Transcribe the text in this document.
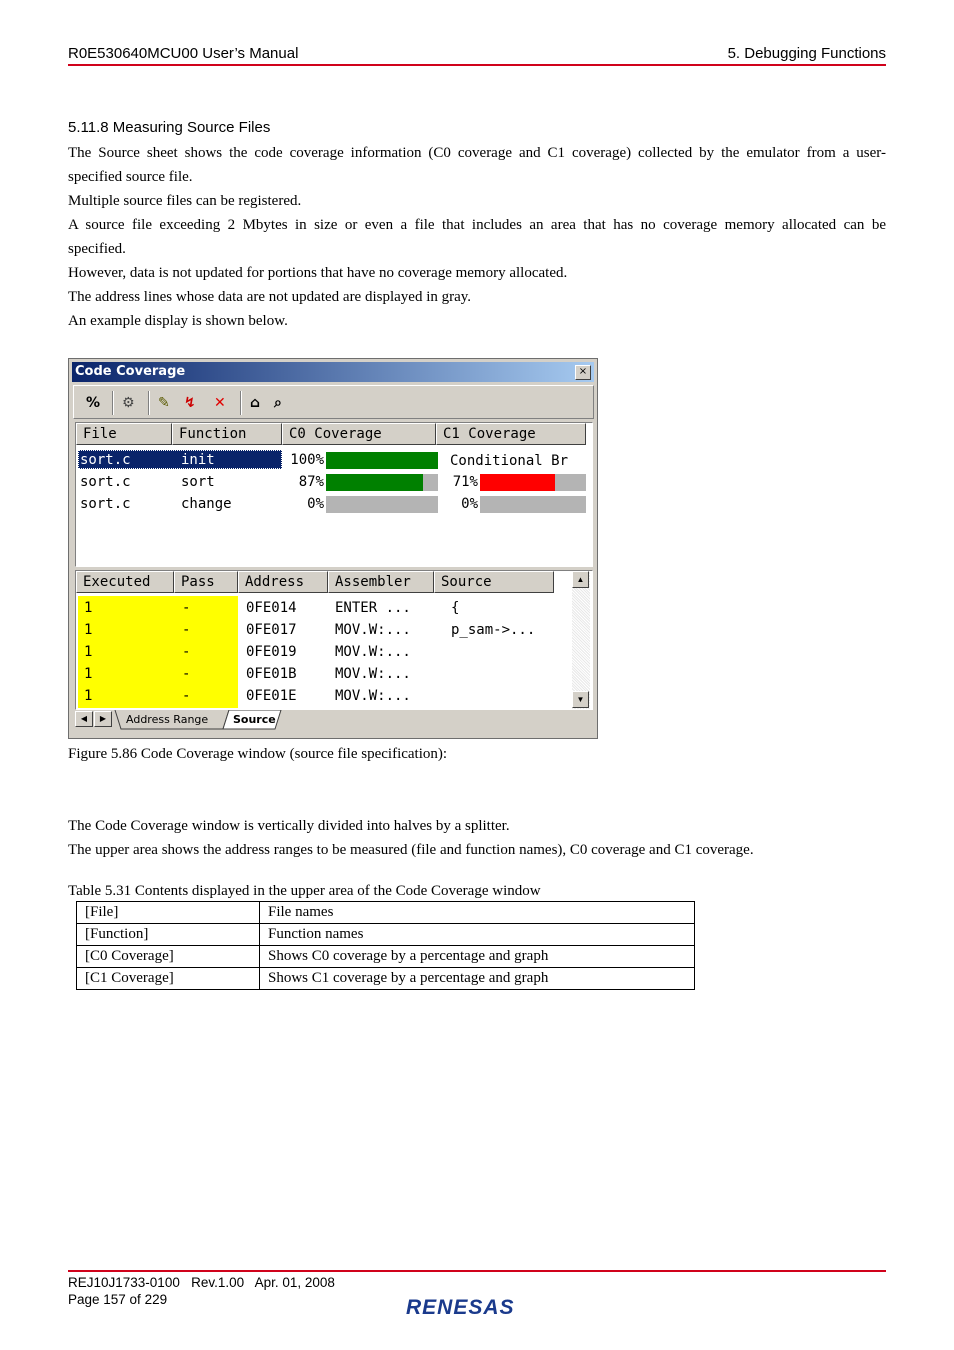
R0E530640MCU00 User’s Manual	5. Debugging Functions
5.11.8 Measuring Source Files
The Source sheet shows the code coverage information (C0 coverage and C1 coverage) collected by the emulator from a user-
specified source file.
Multiple source files can be registered.
A source file exceeding 2 Mbytes in size or even a file that includes an area that has no coverage memory allocated can be
specified.
However, data is not updated for portions that have no coverage memory allocated.
The address lines whose data are not updated are displayed in gray.
An example display is shown below.
Code Coverage	×
% ⚙ ✎ ↯ ✕ ⌂ ⌕
File	Function	C0 Coverage	C1 Coverage
sort.c	init	100%	Conditional Br
sort.c	sort	87%	71%
sort.c	change	0%	0%
Executed	Pass	Address	Assembler	Source
1	-	0FE014	ENTER ...	{
1	-	0FE017	MOV.W:...	p_sam->...
1	-	0FE019	MOV.W:...
1	-	0FE01B	MOV.W:...
1	-	0FE01E	MOV.W:...
▲
▼
◀	▶	Address Range Source
Figure 5.86 Code Coverage window (source file specification):
The Code Coverage window is vertically divided into halves by a splitter.
The upper area shows the address ranges to be measured (file and function names), C0 coverage and C1 coverage.
Table 5.31 Contents displayed in the upper area of the Code Coverage window
[File]	File names
[Function]	Function names
[C0 Coverage]	Shows C0 coverage by a percentage and graph
[C1 Coverage]	Shows C1 coverage by a percentage and graph
REJ10J1733-0100   Rev.1.00   Apr. 01, 2008
Page 157 of 229	RENESAS
